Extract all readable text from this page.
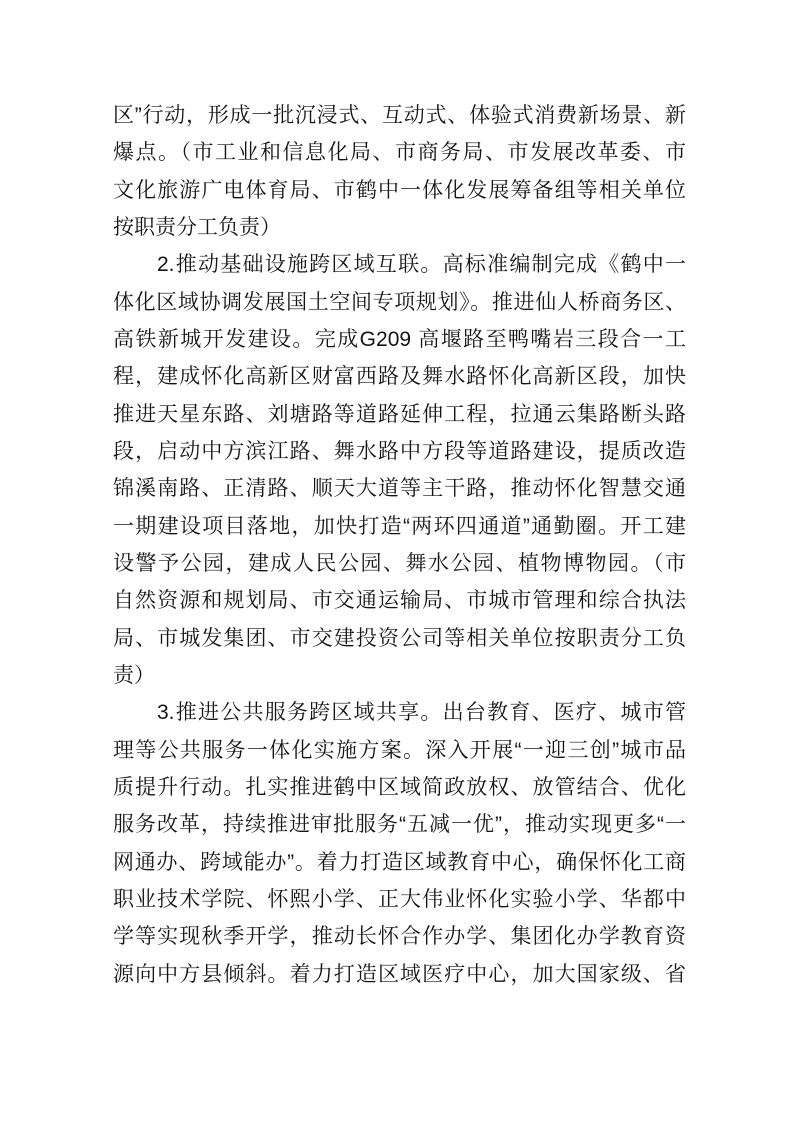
区”行动，形成一批沉浸式、互动式、体验式消费新场景、新
爆点。（市工业和信息化局、市商务局、市发展改革委、市
文化旅游广电体育局、市鹤中一体化发展筹备组等相关单位
按职责分工负责）
2.推动基础设施跨区域互联。高标准编制完成《鹤中一
体化区域协调发展国土空间专项规划》。推进仙人桥商务区、
高铁新城开发建设。完成G209 高堰路至鸭嘴岩三段合一工
程，建成怀化高新区财富西路及舞水路怀化高新区段，加快
推进天星东路、刘塘路等道路延伸工程，拉通云集路断头路
段，启动中方滨江路、舞水路中方段等道路建设，提质改造
锦溪南路、正清路、顺天大道等主干路，推动怀化智慧交通
一期建设项目落地，加快打造“两环四通道”通勤圈。开工建
设警予公园，建成人民公园、舞水公园、植物博物园。（市
自然资源和规划局、市交通运输局、市城市管理和综合执法
局、市城发集团、市交建投资公司等相关单位按职责分工负
责）
3.推进公共服务跨区域共享。出台教育、医疗、城市管
理等公共服务一体化实施方案。深入开展“一迎三创”城市品
质提升行动。扎实推进鹤中区域简政放权、放管结合、优化
服务改革，持续推进审批服务“五减一优”，推动实现更多“一
网通办、跨域能办”。着力打造区域教育中心，确保怀化工商
职业技术学院、怀熙小学、正大伟业怀化实验小学、华都中
学等实现秋季开学，推动长怀合作办学、集团化办学教育资
源向中方县倾斜。着力打造区域医疗中心，加大国家级、省
